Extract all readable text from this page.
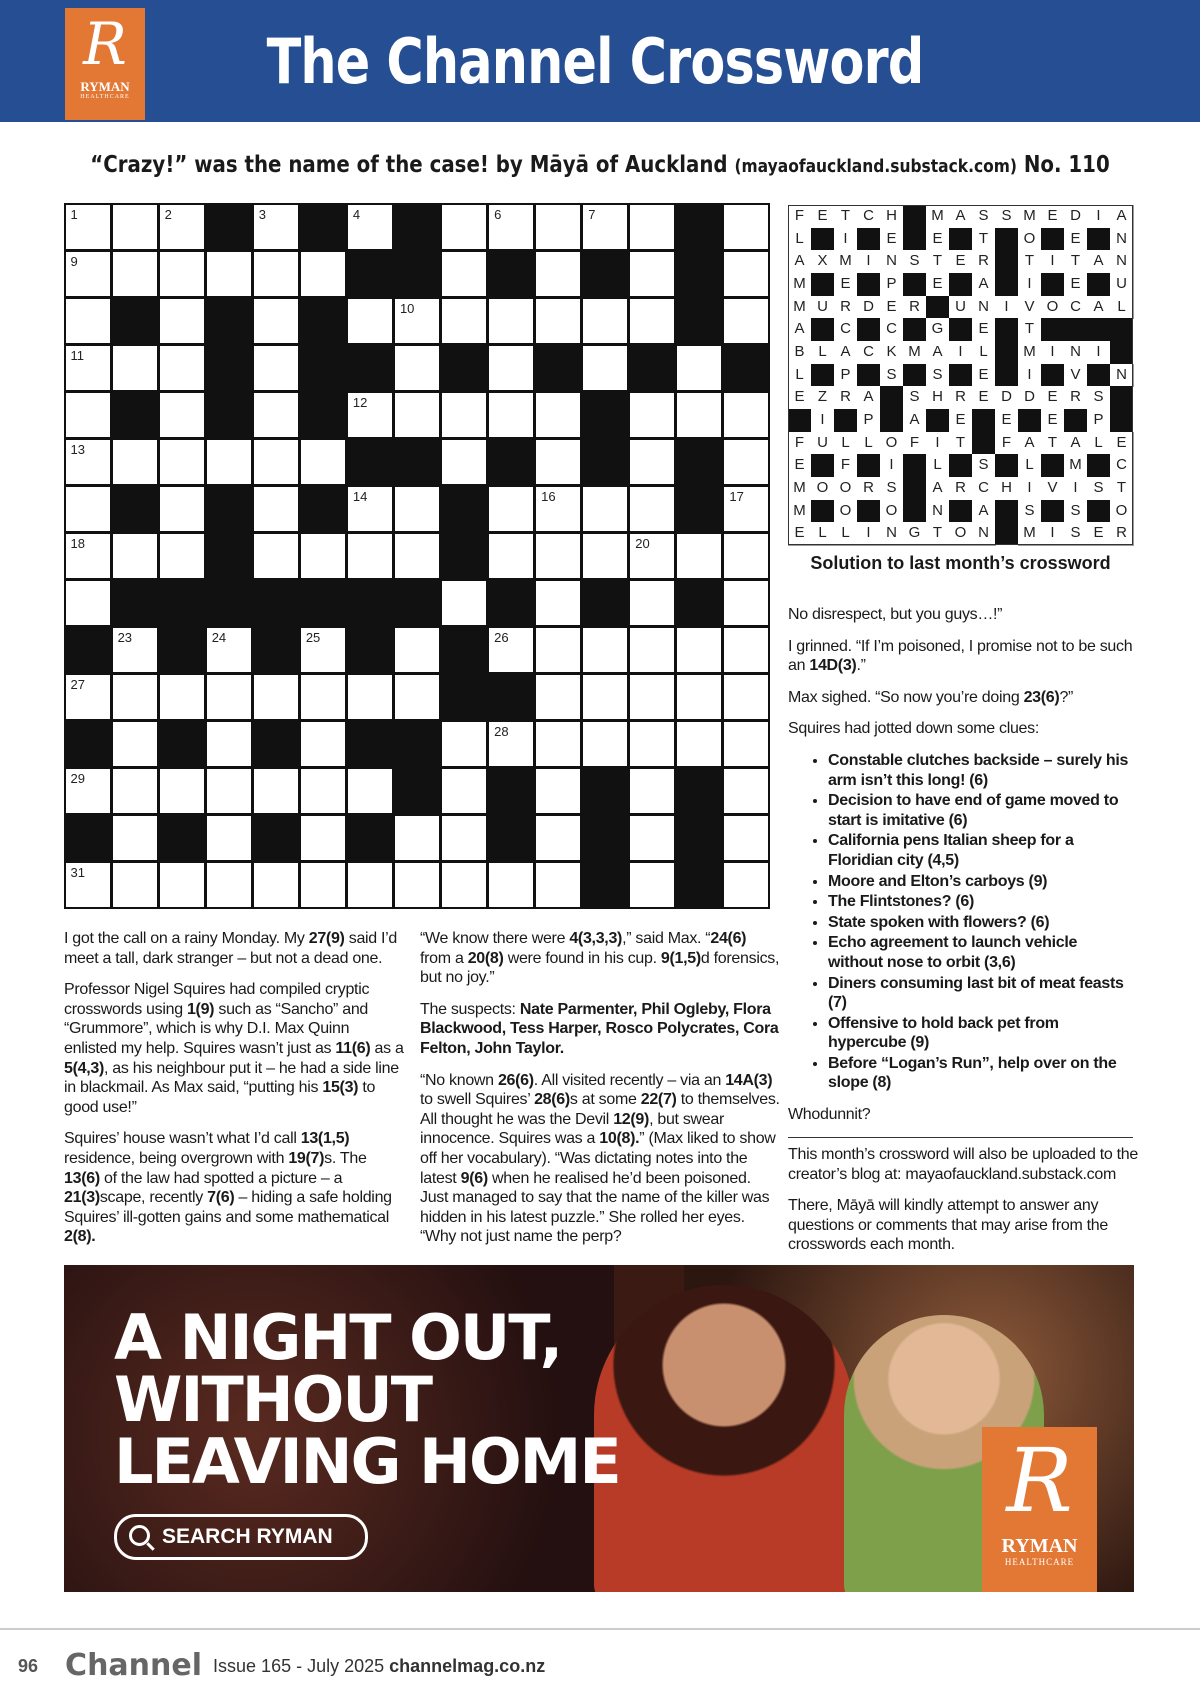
R
RYMAN
HEALTHCARE The Channel Crossword
“Crazy!” was the name of the case! by Māyā of Auckland (mayaofauckland.substack.com) No. 110
1	2	3	4	6	7
9
10
11
12
13
14	16	17
18	20
23	24	25	26
27
28
29
31
F E T C H	M A S S M E D	I	A
L	I	E	E	T	O	E	N
A X M I	N S T E R	T	I	T A N
M	E	P	E	A	I	E	U
M U R D E R	U N	I	V O C A L
A	C	C	G	E	T
B L A C K M A	I	L	M I	N	I
L	P	S	S	E	I	V	N
E Z R A	S H R E D D E R S
I	P	A	E	E	E	P
F U L L O F	I	T	F A T A L E
E	F	I	L	S	L	M	C
M O O R S	A R C H	I	V	I	S T
M	O	O	N	A	S	S	O
E L L	I	N G T O N	M I	S E R
Solution to last month’s crossword

I got the call on a rainy Monday. My 27(9) said I’d meet a tall, dark stranger – but not a dead one.

Professor Nigel Squires had compiled cryptic crosswords using 1(9) such as “Sancho” and “Grummore”, which is why D.I. Max Quinn enlisted my help. Squires wasn’t just as 11(6) as a 5(4,3), as his neighbour put it – he had a side line in blackmail. As Max said, “putting his 15(3) to good use!”

Squires’ house wasn’t what I’d call 13(1,5) residence, being overgrown with 19(7)s. The 13(6) of the law had spotted a picture – a 21(3)scape, recently 7(6) – hiding a safe holding Squires’ ill-gotten gains and some mathematical 2(8).

“We know there were 4(3,3,3),” said Max. “24(6) from a 20(8) were found in his cup. 9(1,5)d forensics, but no joy.”

The suspects: Nate Parmenter, Phil Ogleby, Flora Blackwood, Tess Harper, Rosco Polycrates, Cora Felton, John Taylor.

“No known 26(6). All visited recently – via an 14A(3) to swell Squires’ 28(6)s at some 22(7) to themselves. All thought he was the Devil 12(9), but swear innocence. Squires was a 10(8).” (Max liked to show off her vocabulary). “Was dictating notes into the latest 9(6) when he realised he’d been poisoned. Just managed to say that the name of the killer was hidden in his latest puzzle.” She rolled her eyes. “Why not just name the perp?

No disrespect, but you guys…!”

I grinned. “If I’m poisoned, I promise not to be such an 14D(3).”

Max sighed. “So now you’re doing 23(6)?”

Squires had jotted down some clues:

• Constable clutches backside – surely his arm isn’t this long! (6)
• Decision to have end of game moved to start is imitative (6)
• California pens Italian sheep for a Floridian city (4,5)
• Moore and Elton’s carboys (9)
• The Flintstones? (6)
• State spoken with flowers? (6)
• Echo agreement to launch vehicle without nose to orbit (3,6)
• Diners consuming last bit of meat feasts (7)
• Offensive to hold back pet from hypercube (9)
• Before “Logan’s Run”, help over on the slope (8)

Whodunnit?

This month’s crossword will also be uploaded to the creator’s blog at: mayaofauckland.substack.com

There, Māyā will kindly attempt to answer any questions or comments that may arise from the crosswords each month.

A NIGHT OUT,
WITHOUT
LEAVING HOME
SEARCH RYMAN
R
RYMAN
HEALTHCARE
96 Channel Issue 165 - July 2025 channelmag.co.nz
